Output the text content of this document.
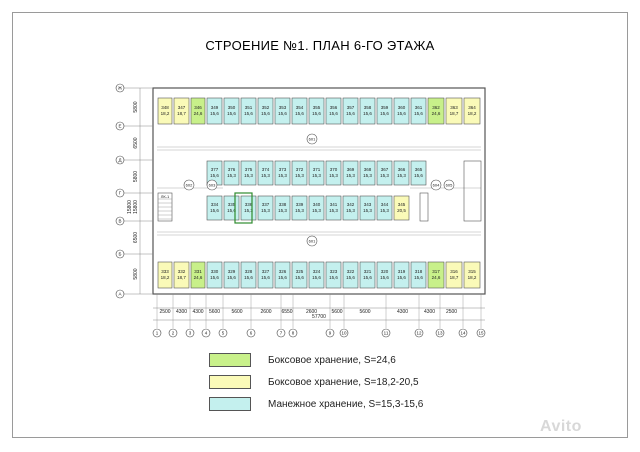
СТРОЕНИЕ №1. ПЛАН 6-ГО ЭТАЖА
348
18,2
347
18,7
346
24,6
349
15,6
350
15,6
351
15,6
352
15,6
353
15,6
354
15,6
355
15,6
356
15,6
357
15,6
358
15,6
359
15,6
360
15,6
361
15,6
362
24,6
363
18,7
364
18,2
333
18,2
332
18,7
331
24,6
330
15,6
329
15,6
328
15,6
327
15,6
326
15,6
325
15,6
324
15,6
323
15,6
322
15,6
321
15,6
320
15,6
319
15,6
318
15,6
317
24,6
316
18,7
315
18,2
377
15,6
376
15,3
375
15,3
374
15,3
373
15,3
372
15,3
371
15,3
370
15,3
369
15,3
368
15,3
367
15,3
366
15,3
365
15,6
334
15,6
335
15,6
336
15,3
337
15,3
338
15,3
339
15,3
340
15,3
341
15,3
342
15,3
343
15,3
344
15,3
345
20,5
601
601
602	603	604 605
ЛК-1
Ж
Е
Д
Г
В
Б
А
5800
6500
5800
6500
5800
15800 15800
1	2	3	4	5	6	7 8	9 10	11	12	13	14	15
2500 4300 4300 5600 5600	2600 6550	2600	5600	5600	4300	4300 2500
57700
Боксовое хранение, S=24,6
Боксовое хранение, S=18,2-20,5
Манежное хранение, S=15,3-15,6
Avito
